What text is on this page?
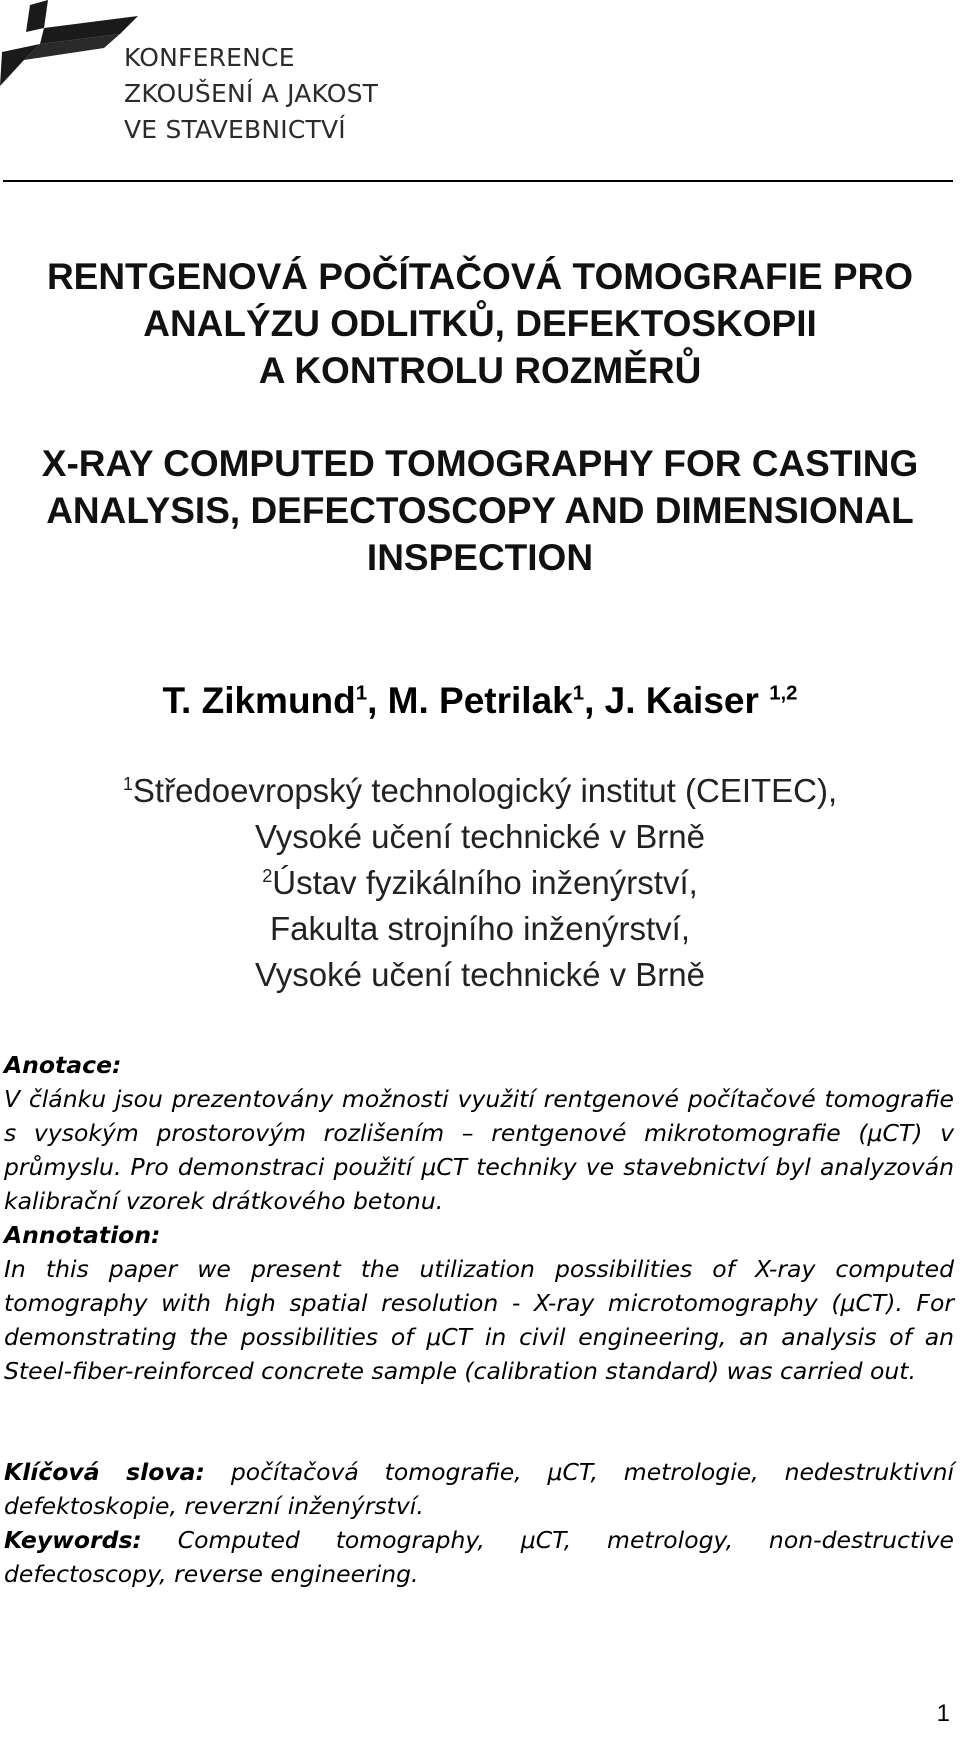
KONFERENCE
ZKOUŠENÍ A JAKOST
VE STAVEBNICTVÍ
RENTGENOVÁ POČÍTAČOVÁ TOMOGRAFIE PRO
ANALÝZU ODLITKŮ, DEFEKTOSKOPII
A KONTROLU ROZMĚRŮ
X-RAY COMPUTED TOMOGRAPHY FOR CASTING
ANALYSIS, DEFECTOSCOPY AND DIMENSIONAL
INSPECTION
T. Zikmund$^1$, M. Petrilak$^1$, J. Kaiser $^{1,2}$
$^1$Středoevropský technologický institut (CEITEC),
Vysoké učení technické v Brně
$^2$Ústav fyzikálního inženýrství,
Fakulta strojního inženýrství,
Vysoké učení technické v Brně
Anotace:
V článku jsou prezentovány možnosti využití rentgenové počítačové tomografie s vysokým prostorovým rozlišením – rentgenové mikrotomografie (μCT) v průmyslu. Pro demonstraci použití μCT techniky ve stavebnictví byl analyzován kalibrační vzorek drátkového betonu.
Annotation:
In this paper we present the utilization possibilities of X-ray computed tomography with high spatial resolution - X-ray microtomography (μCT). For demonstrating the possibilities of μCT in civil engineering, an analysis of an Steel-fiber-reinforced concrete sample (calibration standard) was carried out.
Klíčová slova: počítačová tomografie, μCT, metrologie, nedestruktivní defektoskopie, reverzní inženýrství.
Keywords: Computed tomography, μCT, metrology, non-destructive defectoscopy, reverse engineering.
1
